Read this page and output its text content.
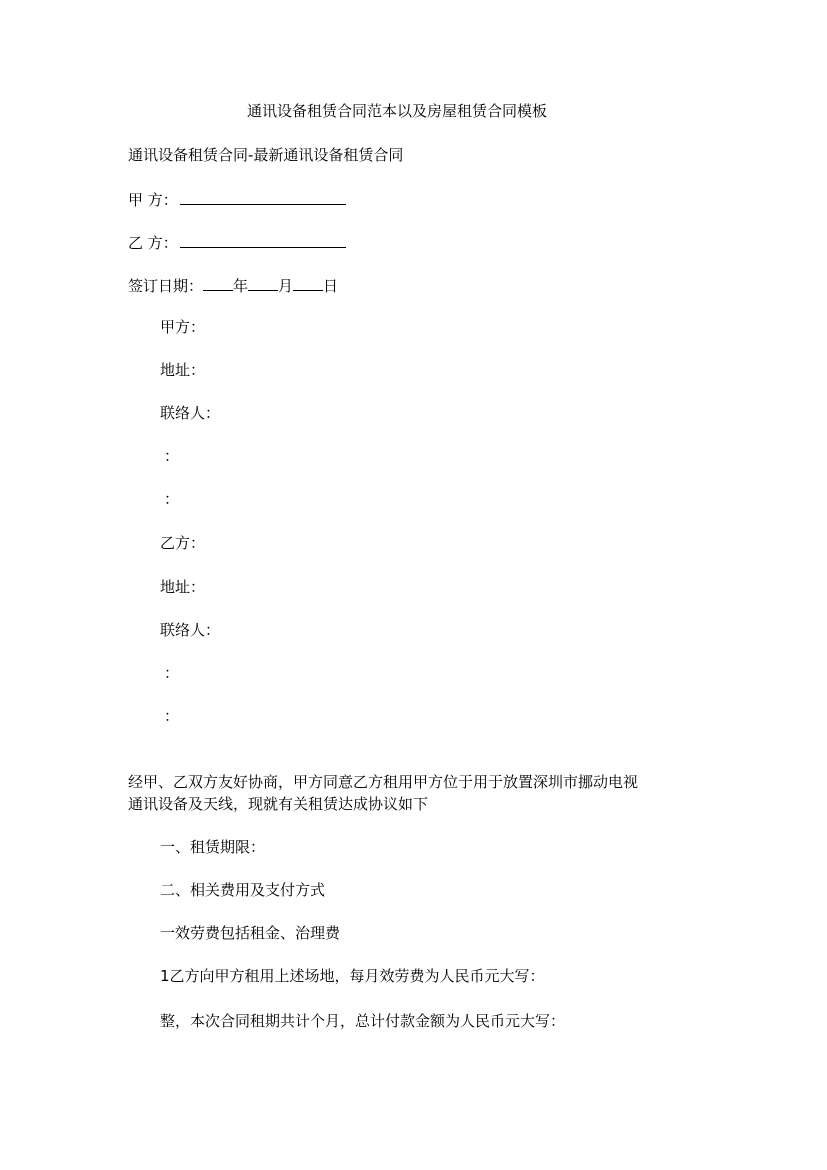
通讯设备租赁合同范本以及房屋租赁合同模板

通讯设备租赁合同-最新通讯设备租赁合同

甲 方：

乙 方：

签订日期： 年 月 日

甲方：

地址：

联络人：

：

：

乙方：

地址：

联络人：

：

：

经甲、乙双方友好协商，甲方同意乙方租用甲方位于用于放置深圳市挪动电视

通讯设备及天线，现就有关租赁达成协议如下

一、租赁期限：

二、相关费用及支付方式

一效劳费包括租金、治理费

1乙方向甲方租用上述场地，每月效劳费为人民币元大写：

整，本次合同租期共计个月，总计付款金额为人民币元大写：
